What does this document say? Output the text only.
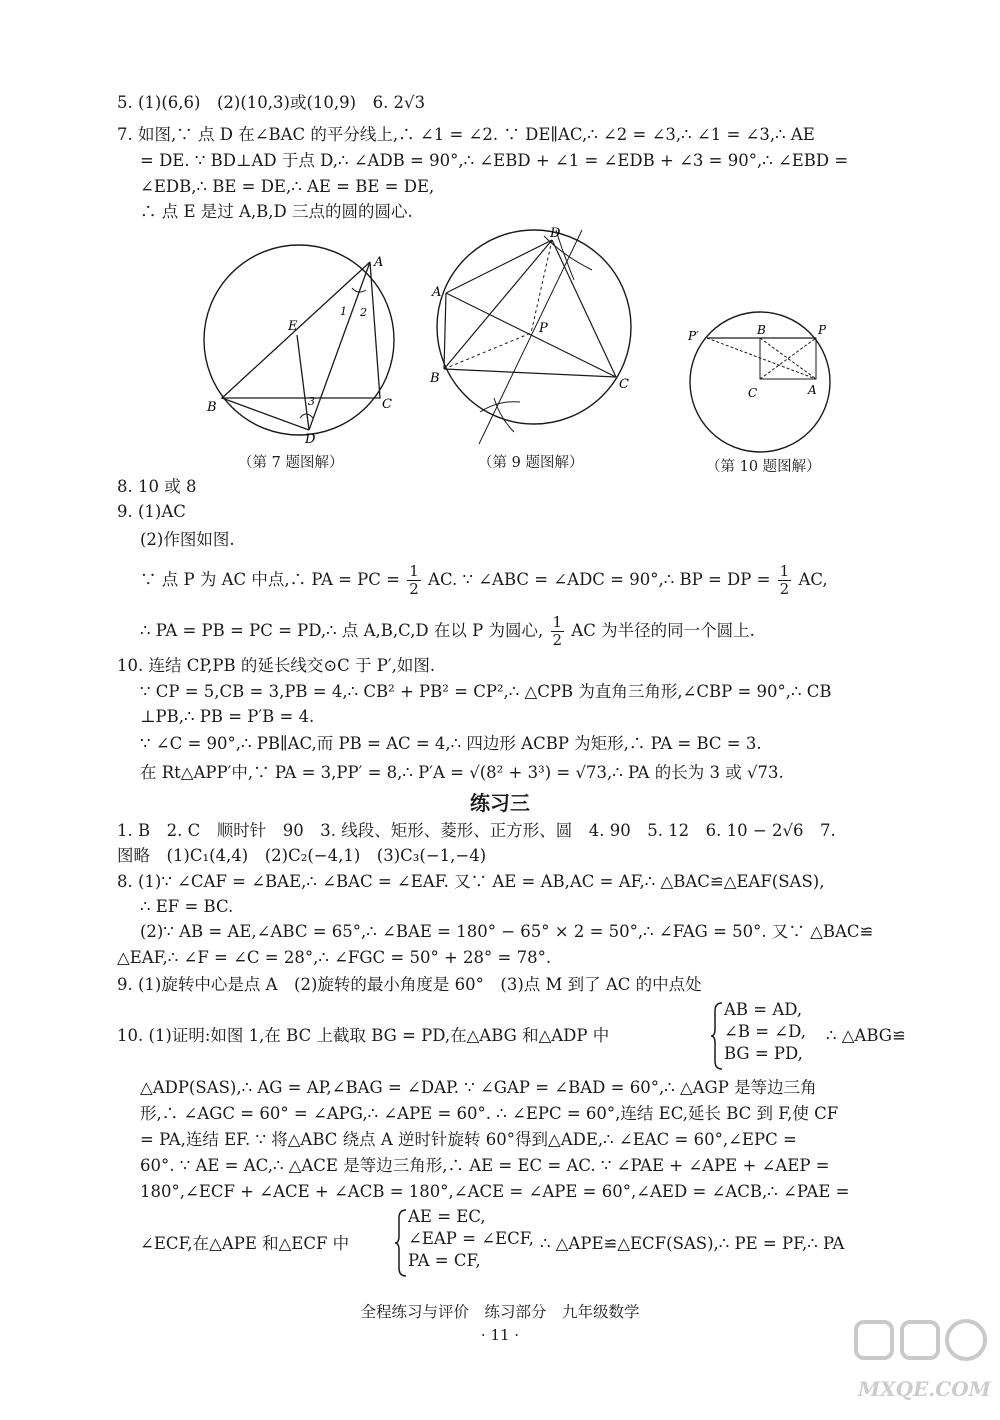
5. (1)(6,6)　(2)(10,3)或(10,9)　6. 2√3
7. 如图,∵ 点 D 在∠BAC 的平分线上,∴ ∠1 = ∠2. ∵ DE∥AC,∴ ∠2 = ∠3,∴ ∠1 = ∠3,∴ AE
= DE. ∵ BD⊥AD 于点 D,∴ ∠ADB = 90°,∴ ∠EBD + ∠1 = ∠EDB + ∠3 = 90°,∴ ∠EBD =
∠EDB,∴ BE = DE,∴ AE = BE = DE,
∴ 点 E 是过 A,B,D 三点的圆的圆心.
A
B	C
D
E
1 2
3
（第 7 题图解）
D
A
B	C
P
（第 9 题图解）
P′	B	P
C	A
（第 10 题图解）
8. 10 或 8
9. (1)AC
(2)作图如图.
∵ 点 P 为 AC 中点,∴ PA = PC = $\frac{1}{2}$ AC. ∵ ∠ABC = ∠ADC = 90°,∴ BP = DP = $\frac{1}{2}$ AC,
∴ PA = PB = PC = PD,∴ 点 A,B,C,D 在以 P 为圆心, $\frac{1}{2}$ AC 为半径的同一个圆上.
10. 连结 CP,PB 的延长线交⊙C 于 P′,如图.
∵ CP = 5,CB = 3,PB = 4,∴ CB² + PB² = CP²,∴ △CPB 为直角三角形,∠CBP = 90°,∴ CB
⊥PB,∴ PB = P′B = 4.
∵ ∠C = 90°,∴ PB∥AC,而 PB = AC = 4,∴ 四边形 ACBP 为矩形,∴ PA = BC = 3.
在 Rt△APP′中,∵ PA = 3,PP′ = 8,∴ P′A = √(8² + 3³) = √73,∴ PA 的长为 3 或 √73.
练习三
1. B　2. C　顺时针　90　3. 线段、矩形、菱形、正方形、圆　4. 90　5. 12　6. 10 − 2√6　7.
图略　(1)C₁(4,4)　(2)C₂(−4,1)　(3)C₃(−1,−4)
8. (1)∵ ∠CAF = ∠BAE,∴ ∠BAC = ∠EAF. 又∵ AE = AB,AC = AF,∴ △BAC≌△EAF(SAS),
∴ EF = BC.
(2)∵ AB = AE,∠ABC = 65°,∴ ∠BAE = 180° − 65° × 2 = 50°,∴ ∠FAG = 50°. 又∵ △BAC≌
△EAF,∴ ∠F = ∠C = 28°,∴ ∠FGC = 50° + 28° = 78°.
9. (1)旋转中心是点 A　(2)旋转的最小角度是 60°　(3)点 M 到了 AC 的中点处
10. (1)证明:如图 1,在 BC 上截取 BG = PD,在△ABG 和△ADP 中
AB = AD,
∠B = ∠D,
BG = PD,
∴ △ABG≌
△ADP(SAS),∴ AG = AP,∠BAG = ∠DAP. ∵ ∠GAP = ∠BAD = 60°,∴ △AGP 是等边三角
形,∴ ∠AGC = 60° = ∠APG,∴ ∠APE = 60°. ∴ ∠EPC = 60°,连结 EC,延长 BC 到 F,使 CF
= PA,连结 EF. ∵ 将△ABC 绕点 A 逆时针旋转 60°得到△ADE,∴ ∠EAC = 60°,∠EPC =
60°. ∵ AE = AC,∴ △ACE 是等边三角形,∴ AE = EC = AC. ∵ ∠PAE + ∠APE + ∠AEP =
180°,∠ECF + ∠ACE + ∠ACB = 180°,∠ACE = ∠APE = 60°,∠AED = ∠ACB,∴ ∠PAE =
∠ECF,在△APE 和△ECF 中
AE = EC,
∠EAP = ∠ECF,
PA = CF,
∴ △APE≌△ECF(SAS),∴ PE = PF,∴ PA
全程练习与评价　练习部分　九年级数学
· 11 ·
MXQE.COM
